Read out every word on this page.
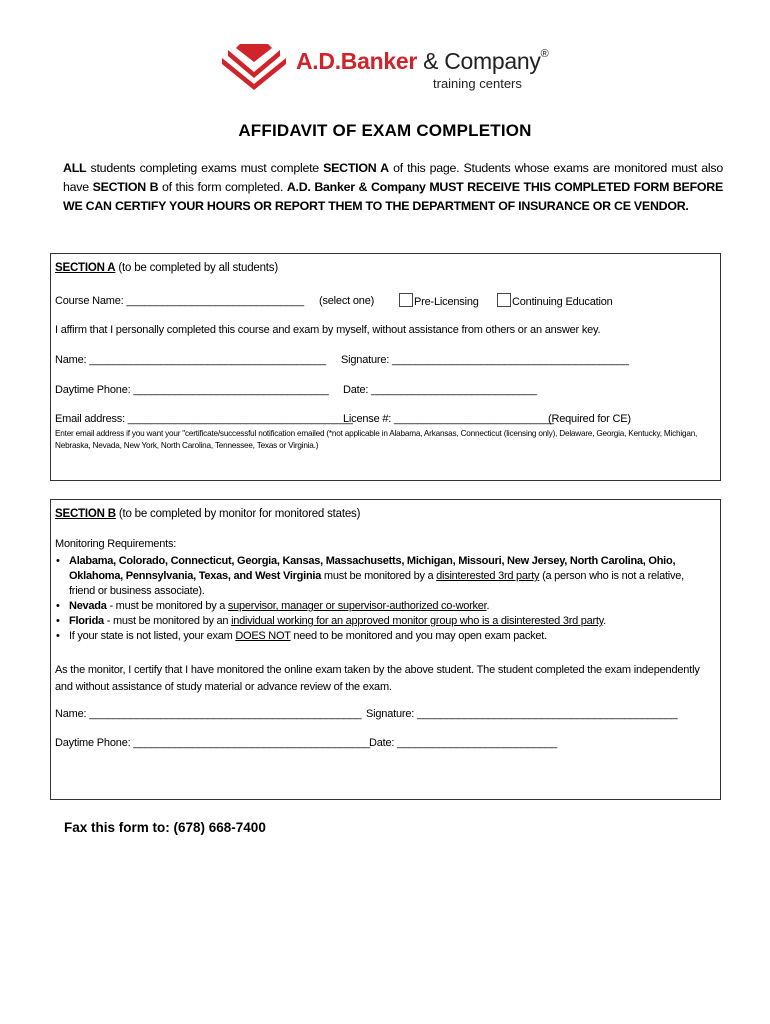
A.D.Banker & Company®
training centers
AFFIDAVIT OF EXAM COMPLETION
ALL students completing exams must complete SECTION A of this page. Students whose exams are monitored must also have SECTION B of this form completed. A.D. Banker & Company MUST RECEIVE THIS COMPLETED FORM BEFORE WE CAN CERTIFY YOUR HOURS OR REPORT THEM TO THE DEPARTMENT OF INSURANCE OR CE VENDOR.
SECTION A (to be completed by all students)
Course Name: ______________________________ (select one)	Pre-Licensing	Continuing Education
I affirm that I personally completed this course and exam by myself, without assistance from others or an answer key.
Name: ________________________________________ Signature: ________________________________________
Daytime Phone: _________________________________ Date: ____________________________
Email address: ______________________________________
License #: ___________________________
(Required for CE)
Enter email address if you want your "certificate/successful notification emailed (*not applicable in Alabama, Arkansas, Connecticut (licensing only), Delaware, Georgia, Kentucky, Michigan, Nebraska, Nevada, New York, North Carolina, Tennessee, Texas or Virginia.)
SECTION B (to be completed by monitor for monitored states)
Monitoring Requirements:
• Alabama, Colorado, Connecticut, Georgia, Kansas, Massachusetts, Michigan, Missouri, New Jersey, North Carolina, Ohio, Oklahoma, Pennsylvania, Texas, and West Virginia must be monitored by a disinterested 3rd party (a person who is not a relative, friend or business associate).
• Nevada - must be monitored by a supervisor, manager or supervisor-authorized co-worker.
• Florida - must be monitored by an individual working for an approved monitor group who is a disinterested 3rd party.
• If your state is not listed, your exam DOES NOT need to be monitored and you may open exam packet.
As the monitor, I certify that I have monitored the online exam taken by the above student. The student completed the exam independently and without assistance of study material or advance review of the exam.
Name: ______________________________________________ Signature: ____________________________________________
Daytime Phone: ________________________________________
Date: ___________________________
Fax this form to: (678) 668-7400
